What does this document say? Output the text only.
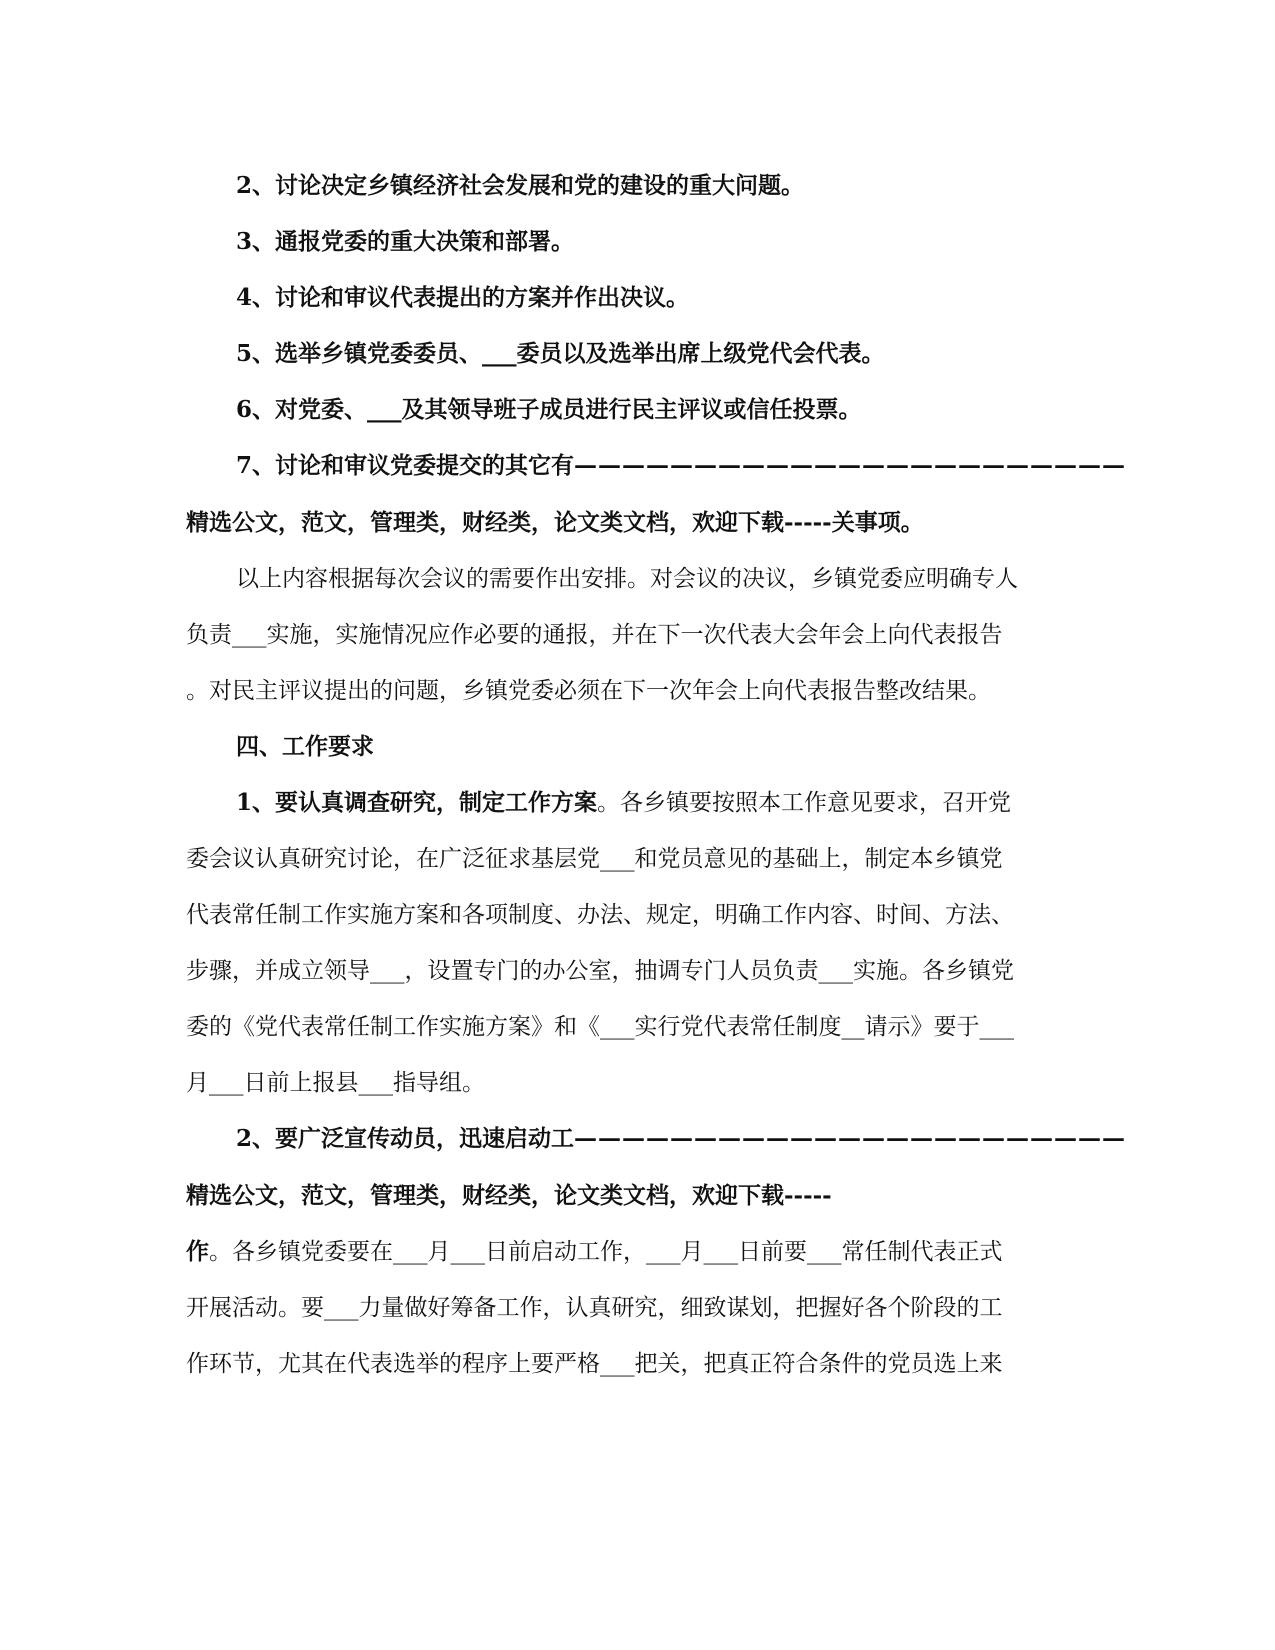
2、讨论决定乡镇经济社会发展和党的建设的重大问题。

3、通报党委的重大决策和部署。

4、讨论和审议代表提出的方案并作出决议。

5、选举乡镇党委委员、___委员以及选举出席上级党代会代表。

6、对党委、___及其领导班子成员进行民主评议或信任投票。

7、讨论和审议党委提交的其它有———————————————————————

精选公文，范文，管理类，财经类，论文类文档，欢迎下载-----关事项。

以上内容根据每次会议的需要作出安排。对会议的决议，乡镇党委应明确专人

负责___实施，实施情况应作必要的通报，并在下一次代表大会年会上向代表报告

。对民主评议提出的问题，乡镇党委必须在下一次年会上向代表报告整改结果。

四、工作要求

1、要认真调查研究，制定工作方案。各乡镇要按照本工作意见要求，召开党

委会议认真研究讨论，在广泛征求基层党___和党员意见的基础上，制定本乡镇党

代表常任制工作实施方案和各项制度、办法、规定，明确工作内容、时间、方法、

步骤，并成立领导___，设置专门的办公室，抽调专门人员负责___实施。各乡镇党

委的《党代表常任制工作实施方案》和《___实行党代表常任制度__请示》要于___

月___日前上报县___指导组。

2、要广泛宣传动员，迅速启动工———————————————————————

精选公文，范文，管理类，财经类，论文类文档，欢迎下载-----

作。各乡镇党委要在___月___日前启动工作，___月___日前要___常任制代表正式

开展活动。要___力量做好筹备工作，认真研究，细致谋划，把握好各个阶段的工

作环节，尤其在代表选举的程序上要严格___把关，把真正符合条件的党员选上来
